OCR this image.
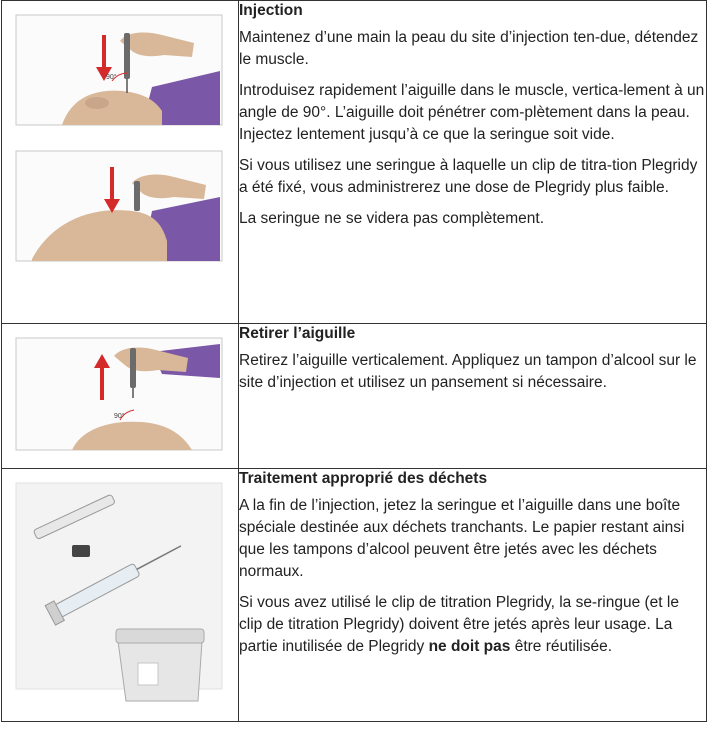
90°	Injection
Maintenez d’une main la peau du site d’injection ten-due, détendez le muscle.
Introduisez rapidement l’aiguille dans le muscle, vertica-lement à un angle de 90°. L’aiguille doit pénétrer com-plètement dans la peau. Injectez lentement jusqu’à ce que la seringue soit vide.
Si vous utilisez une seringue à laquelle un clip de titra-tion Plegridy a été fixé, vous administrerez une dose de Plegridy plus faible.
La seringue ne se videra pas complètement.

90°	Retirer l’aiguille
Retirez l’aiguille verticalement. Appliquez un tampon d’alcool sur le site d’injection et utilisez un pansement si nécessaire.

Traitement approprié des déchets
A la fin de l’injection, jetez la seringue et l’aiguille dans une boîte spéciale destinée aux déchets tranchants. Le papier restant ainsi que les tampons d’alcool peuvent être jetés avec les déchets normaux.
Si vous avez utilisé le clip de titration Plegridy, la se-ringue (et le clip de titration Plegridy) doivent être jetés après leur usage. La partie inutilisée de Plegridy ne doit pas être réutilisée.
